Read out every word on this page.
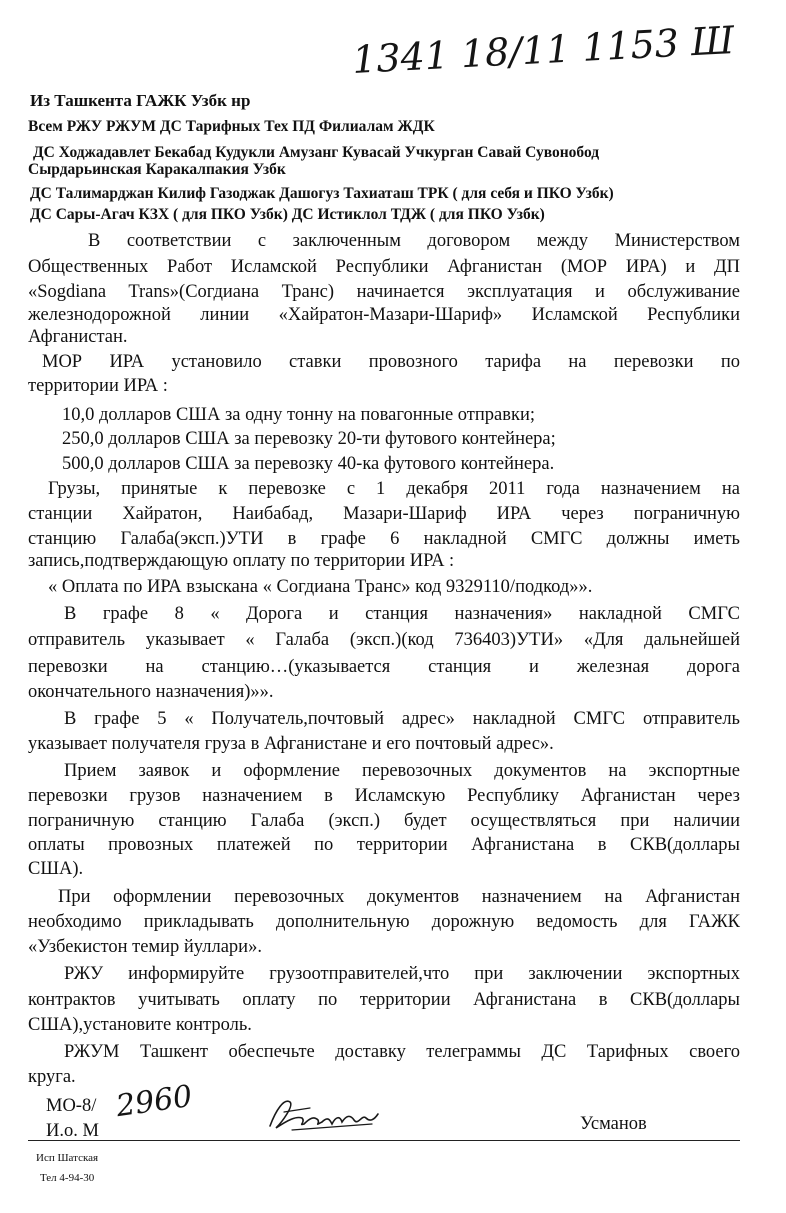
1341 18/11 1153 Ш
Из Ташкента ГАЖК Узбк нр
Всем РЖУ РЖУМ ДС Тарифных Тех ПД Филиалам ЖДК
ДС Ходжадавлет Бекабад Кудукли Амузанг Кувасай Учкурган Савай Сувонобод
Сырдарьинская Каракалпакия Узбк
ДС Талимарджан Килиф Газоджак Дашогуз Тахиаташ ТРК ( для себя и ПКО Узбк)
ДС Сары-Агач КЗХ ( для ПКО Узбк) ДС Истиклол ТДЖ ( для ПКО Узбк)
В соответствии с заключенным договором между Министерством
Общественных Работ Исламской Республики Афганистан (МОР ИРА) и ДП
«Sogdiana Trans»(Согдиана Транс) начинается эксплуатация и обслуживание
железнодорожной линии «Хайратон-Мазари-Шариф» Исламской Республики
Афганистан.
МОР ИРА установило ставки провозного тарифа на перевозки по
территории ИРА :
10,0 долларов США за одну тонну на повагонные отправки;
250,0 долларов США за перевозку 20-ти футового контейнера;
500,0 долларов США за перевозку 40-ка футового контейнера.
Грузы, принятые к перевозке с 1 декабря 2011 года назначением на
станции Хайратон, Наибабад, Мазари-Шариф ИРА через пограничную
станцию Галаба(эксп.)УТИ в графе 6 накладной СМГС должны иметь
запись,подтверждающую оплату по территории ИРА :
« Оплата по ИРА взыскана « Согдиана Транс» код 9329110/подкод»».
В графе 8 « Дорога и станция назначения» накладной СМГС
отправитель указывает « Галаба (эксп.)(код 736403)УТИ» «Для дальнейшей
перевозки на станцию…(указывается станция и железная дорога
окончательного назначения)»».
В графе 5 « Получатель,почтовый адрес» накладной СМГС отправитель
указывает получателя груза в Афганистане и его почтовый адрес».
Прием заявок и оформление перевозочных документов на экспортные
перевозки грузов назначением в Исламскую Республику Афганистан через
пограничную станцию Галаба (эксп.) будет осуществляться при наличии
оплаты провозных платежей по территории Афганистана в СКВ(доллары
США).
При оформлении перевозочных документов назначением на Афганистан
необходимо прикладывать дополнительную дорожную ведомость для ГАЖК
«Узбекистон темир йуллари».
РЖУ информируйте грузоотправителей,что при заключении экспортных
контрактов учитывать оплату по территории Афганистана в СКВ(доллары
США),установите контроль.
РЖУМ Ташкент обеспечьте доставку телеграммы ДС Тарифных своего
круга.
МО-8/ 2960
И.о. М	Усманов
Исп Шатская
Тел 4-94-30
